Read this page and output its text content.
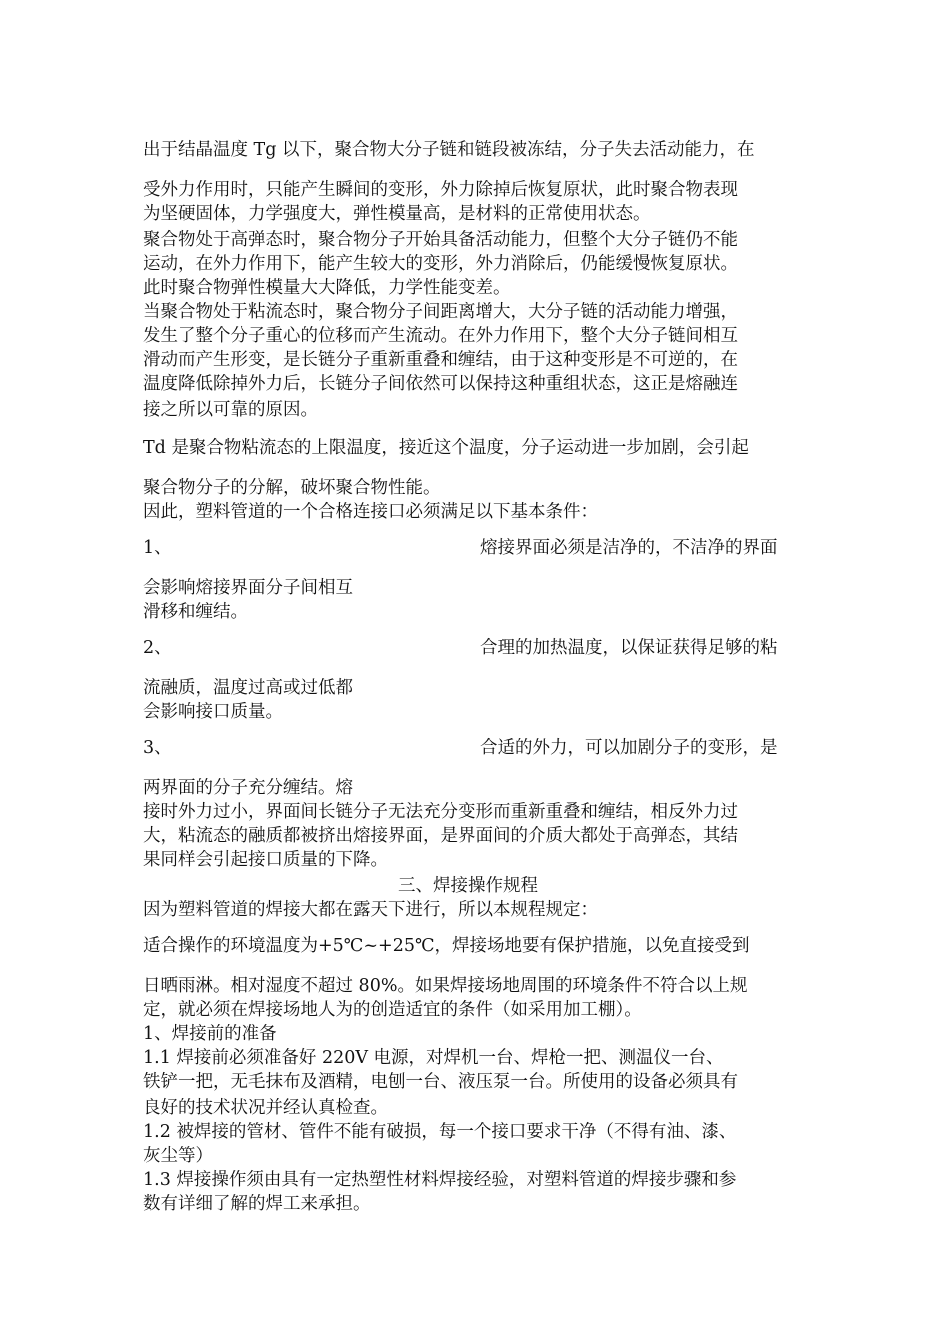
出于结晶温度 Tg 以下，聚合物大分子链和链段被冻结，分子失去活动能力，在
受外力作用时，只能产生瞬间的变形，外力除掉后恢复原状，此时聚合物表现
为坚硬固体，力学强度大，弹性模量高，是材料的正常使用状态。
聚合物处于高弹态时，聚合物分子开始具备活动能力，但整个大分子链仍不能
运动，在外力作用下，能产生较大的变形，外力消除后，仍能缓慢恢复原状。
此时聚合物弹性模量大大降低，力学性能变差。
当聚合物处于粘流态时，聚合物分子间距离增大，大分子链的活动能力增强，
发生了整个分子重心的位移而产生流动。在外力作用下，整个大分子链间相互
滑动而产生形变，是长链分子重新重叠和缠结，由于这种变形是不可逆的，在
温度降低除掉外力后，长链分子间依然可以保持这种重组状态，这正是熔融连
接之所以可靠的原因。
Td 是聚合物粘流态的上限温度，接近这个温度，分子运动进一步加剧，会引起
聚合物分子的分解，破坏聚合物性能。
因此，塑料管道的一个合格连接口必须满足以下基本条件：
1、	熔接界面必须是洁净的，不洁净的界面
会影响熔接界面分子间相互
滑移和缠结。
2、	合理的加热温度，以保证获得足够的粘
流融质，温度过高或过低都
会影响接口质量。
3、	合适的外力，可以加剧分子的变形，是
两界面的分子充分缠结。熔
接时外力过小，界面间长链分子无法充分变形而重新重叠和缠结，相反外力过
大，粘流态的融质都被挤出熔接界面，是界面间的介质大都处于高弹态，其结
果同样会引起接口质量的下降。
三、焊接操作规程
因为塑料管道的焊接大都在露天下进行，所以本规程规定：
适合操作的环境温度为+5℃~+25℃，焊接场地要有保护措施，以免直接受到
日晒雨淋。相对湿度不超过 80%。如果焊接场地周围的环境条件不符合以上规
定，就必须在焊接场地人为的创造适宜的条件（如采用加工棚）。
1、焊接前的准备
1.1 焊接前必须准备好 220V 电源，对焊机一台、焊枪一把、测温仪一台、
铁铲一把，无毛抹布及酒精，电刨一台、液压泵一台。所使用的设备必须具有
良好的技术状况并经认真检查。
1.2 被焊接的管材、管件不能有破损，每一个接口要求干净（不得有油、漆、
灰尘等）
1.3 焊接操作须由具有一定热塑性材料焊接经验，对塑料管道的焊接步骤和参
数有详细了解的焊工来承担。
